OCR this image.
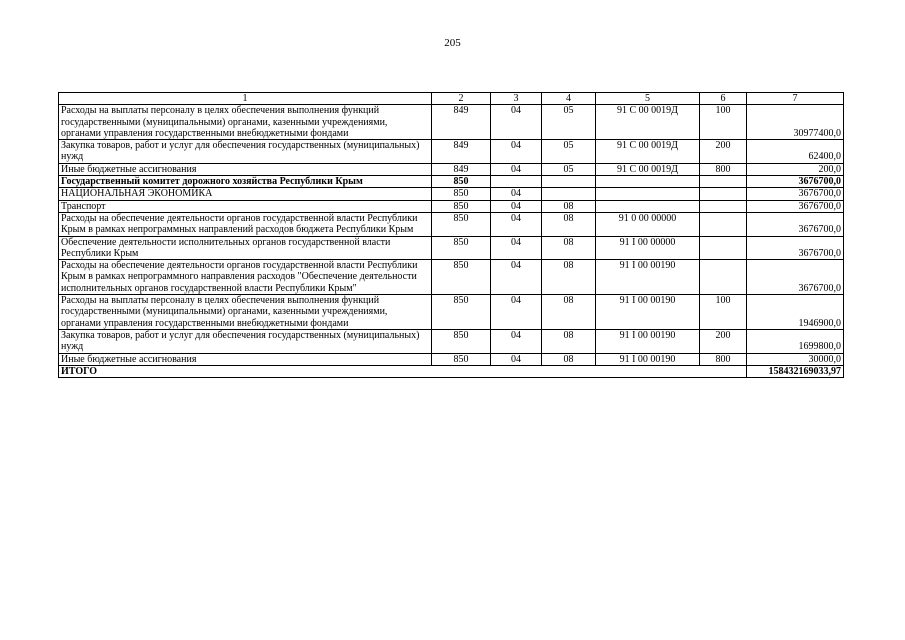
205
1	2	3	4	5	6	7
Расходы на выплаты персоналу в целях обеспечения выполнения функций государственными (муниципальными) органами, казенными учреждениями, органами управления государственными внебюджетными фондами	849	04	05	91 С 00 0019Д	100	30977400,0
Закупка товаров, работ и услуг для обеспечения государственных (муниципальных) нужд	849	04	05	91 С 00 0019Д	200	62400,0
Иные бюджетные ассигнования	849	04	05	91 С 00 0019Д	800	200,0
Государственный комитет дорожного хозяйства Республики Крым	850					3676700,0
НАЦИОНАЛЬНАЯ ЭКОНОМИКА	850	04				3676700,0
Транспорт	850	04	08			3676700,0
Расходы на обеспечение деятельности органов государственной власти Республики Крым в рамках непрограммных направлений расходов бюджета Республики Крым	850	04	08	91 0 00 00000		3676700,0
Обеспечение деятельности исполнительных органов государственной власти Республики Крым	850	04	08	91 I 00 00000		3676700,0
Расходы на обеспечение деятельности органов государственной власти Республики Крым в рамках непрограммного направления расходов "Обеспечение деятельности исполнительных органов государственной власти Республики Крым"	850	04	08	91 I 00 00190		3676700,0
Расходы на выплаты персоналу в целях обеспечения выполнения функций государственными (муниципальными) органами, казенными учреждениями, органами управления государственными внебюджетными фондами	850	04	08	91 I 00 00190	100	1946900,0
Закупка товаров, работ и услуг для обеспечения государственных (муниципальных) нужд	850	04	08	91 I 00 00190	200	1699800,0
Иные бюджетные ассигнования	850	04	08	91 I 00 00190	800	30000,0
ИТОГО						158432169033,97
